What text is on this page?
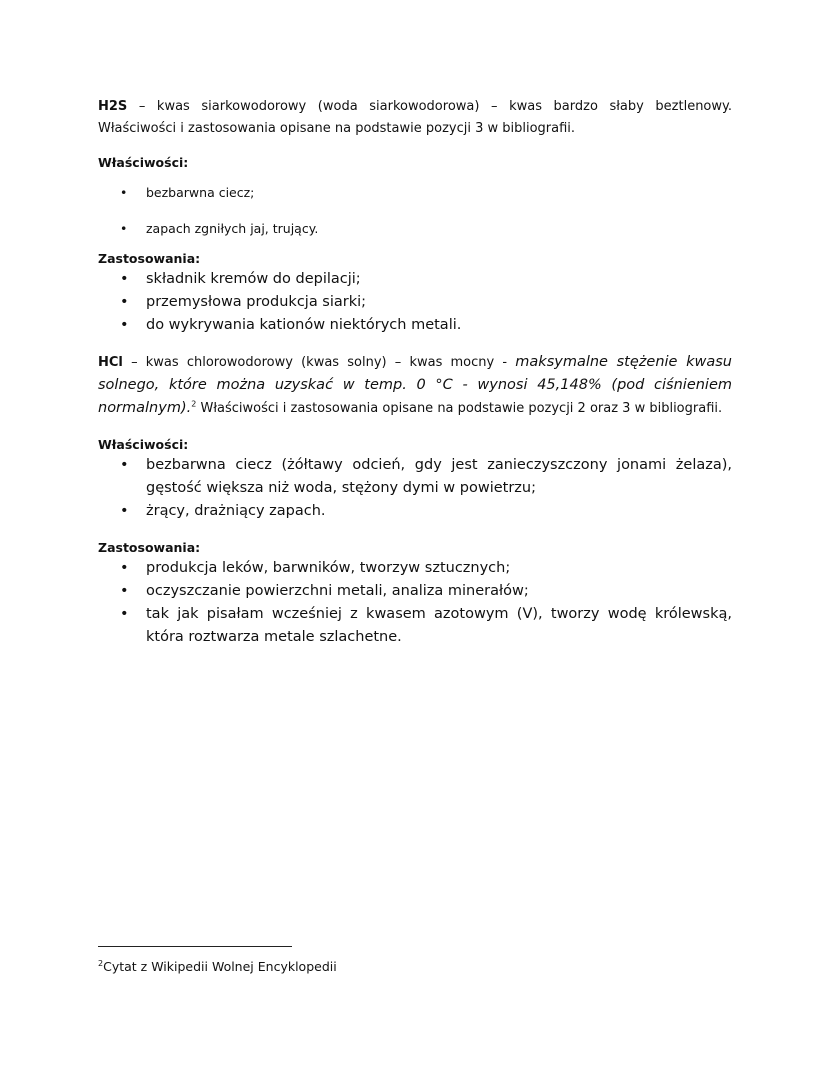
H2S – kwas siarkowodorowy (woda siarkowodorowa) – kwas bardzo słaby beztlenowy. Właściwości i zastosowania opisane na podstawie pozycji 3 w bibliografii.

Właściwości:

• bezbarwna ciecz;
• zapach zgniłych jaj, trujący.

Zastosowania:

• składnik kremów do depilacji;
• przemysłowa produkcja siarki;
• do wykrywania kationów niektórych metali.

HCl – kwas chlorowodorowy (kwas solny) – kwas mocny - maksymalne stężenie kwasu solnego, które można uzyskać w temp. 0 °C - wynosi 45,148% (pod ciśnieniem normalnym).$^2$ Właściwości i zastosowania opisane na podstawie pozycji 2 oraz 3 w bibliografii.

Właściwości:

• bezbarwna ciecz (żółtawy odcień, gdy jest zanieczyszczony jonami żelaza), gęstość większa niż woda, stężony dymi w powietrzu;
• żrący, drażniący zapach.

Zastosowania:

• produkcja leków, barwników, tworzyw sztucznych;
• oczyszczanie powierzchni metali, analiza minerałów;
• tak jak pisałam wcześniej z kwasem azotowym (V), tworzy wodę królewską, która roztwarza metale szlachetne.
$^2$Cytat z Wikipedii Wolnej Encyklopedii
